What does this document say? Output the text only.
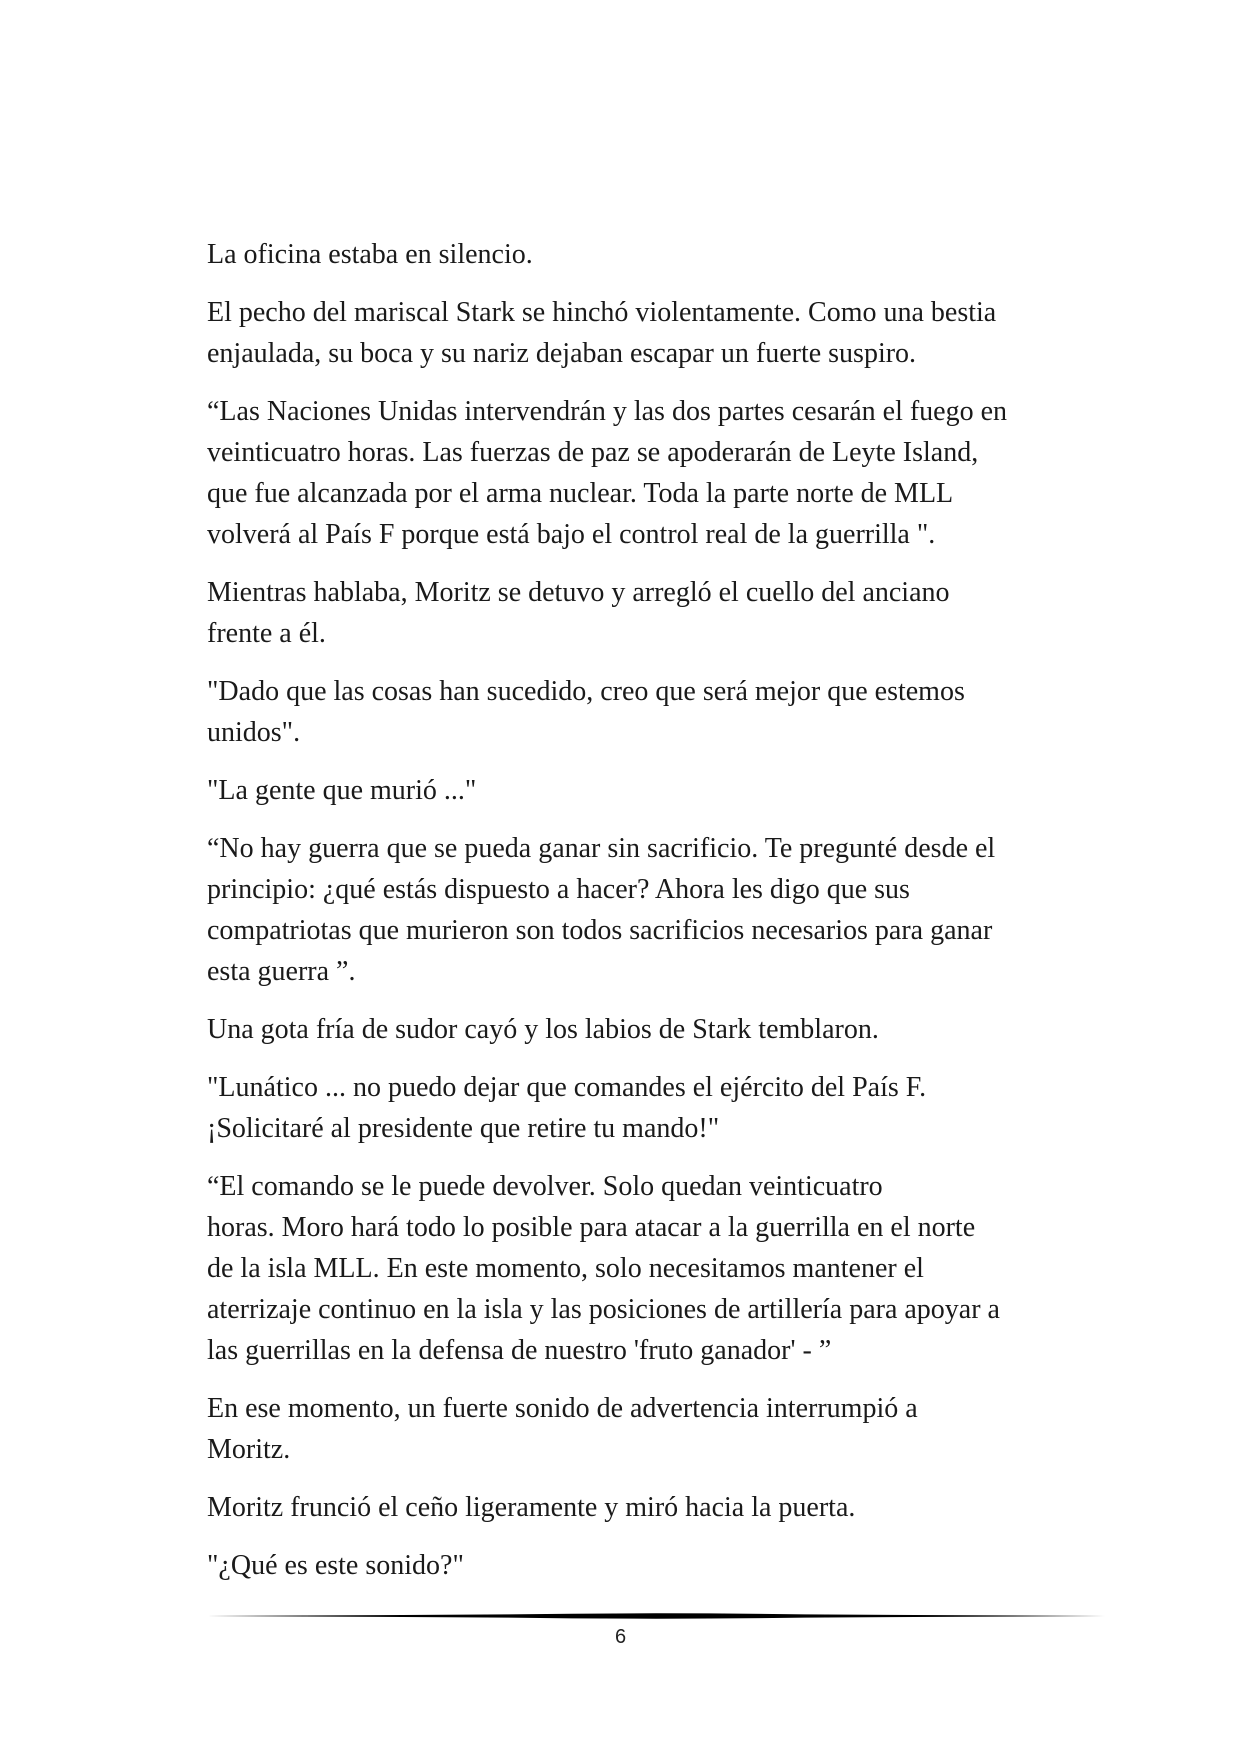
La oficina estaba en silencio.

El pecho del mariscal Stark se hinchó violentamente. Como una bestia
enjaulada, su boca y su nariz dejaban escapar un fuerte suspiro.

“Las Naciones Unidas intervendrán y las dos partes cesarán el fuego en
veinticuatro horas. Las fuerzas de paz se apoderarán de Leyte Island,
que fue alcanzada por el arma nuclear. Toda la parte norte de MLL
volverá al País F porque está bajo el control real de la guerrilla ".

Mientras hablaba, Moritz se detuvo y arregló el cuello del anciano
frente a él.

"Dado que las cosas han sucedido, creo que será mejor que estemos
unidos".

"La gente que murió ..."

“No hay guerra que se pueda ganar sin sacrificio. Te pregunté desde el
principio: ¿qué estás dispuesto a hacer? Ahora les digo que sus
compatriotas que murieron son todos sacrificios necesarios para ganar
esta guerra ”.

Una gota fría de sudor cayó y los labios de Stark temblaron.

"Lunático ... no puedo dejar que comandes el ejército del País F.
¡Solicitaré al presidente que retire tu mando!"

“El comando se le puede devolver. Solo quedan veinticuatro
horas. Moro hará todo lo posible para atacar a la guerrilla en el norte
de la isla MLL. En este momento, solo necesitamos mantener el
aterrizaje continuo en la isla y las posiciones de artillería para apoyar a
las guerrillas en la defensa de nuestro 'fruto ganador' - ”

En ese momento, un fuerte sonido de advertencia interrumpió a
Moritz.

Moritz frunció el ceño ligeramente y miró hacia la puerta.

"¿Qué es este sonido?"

6
